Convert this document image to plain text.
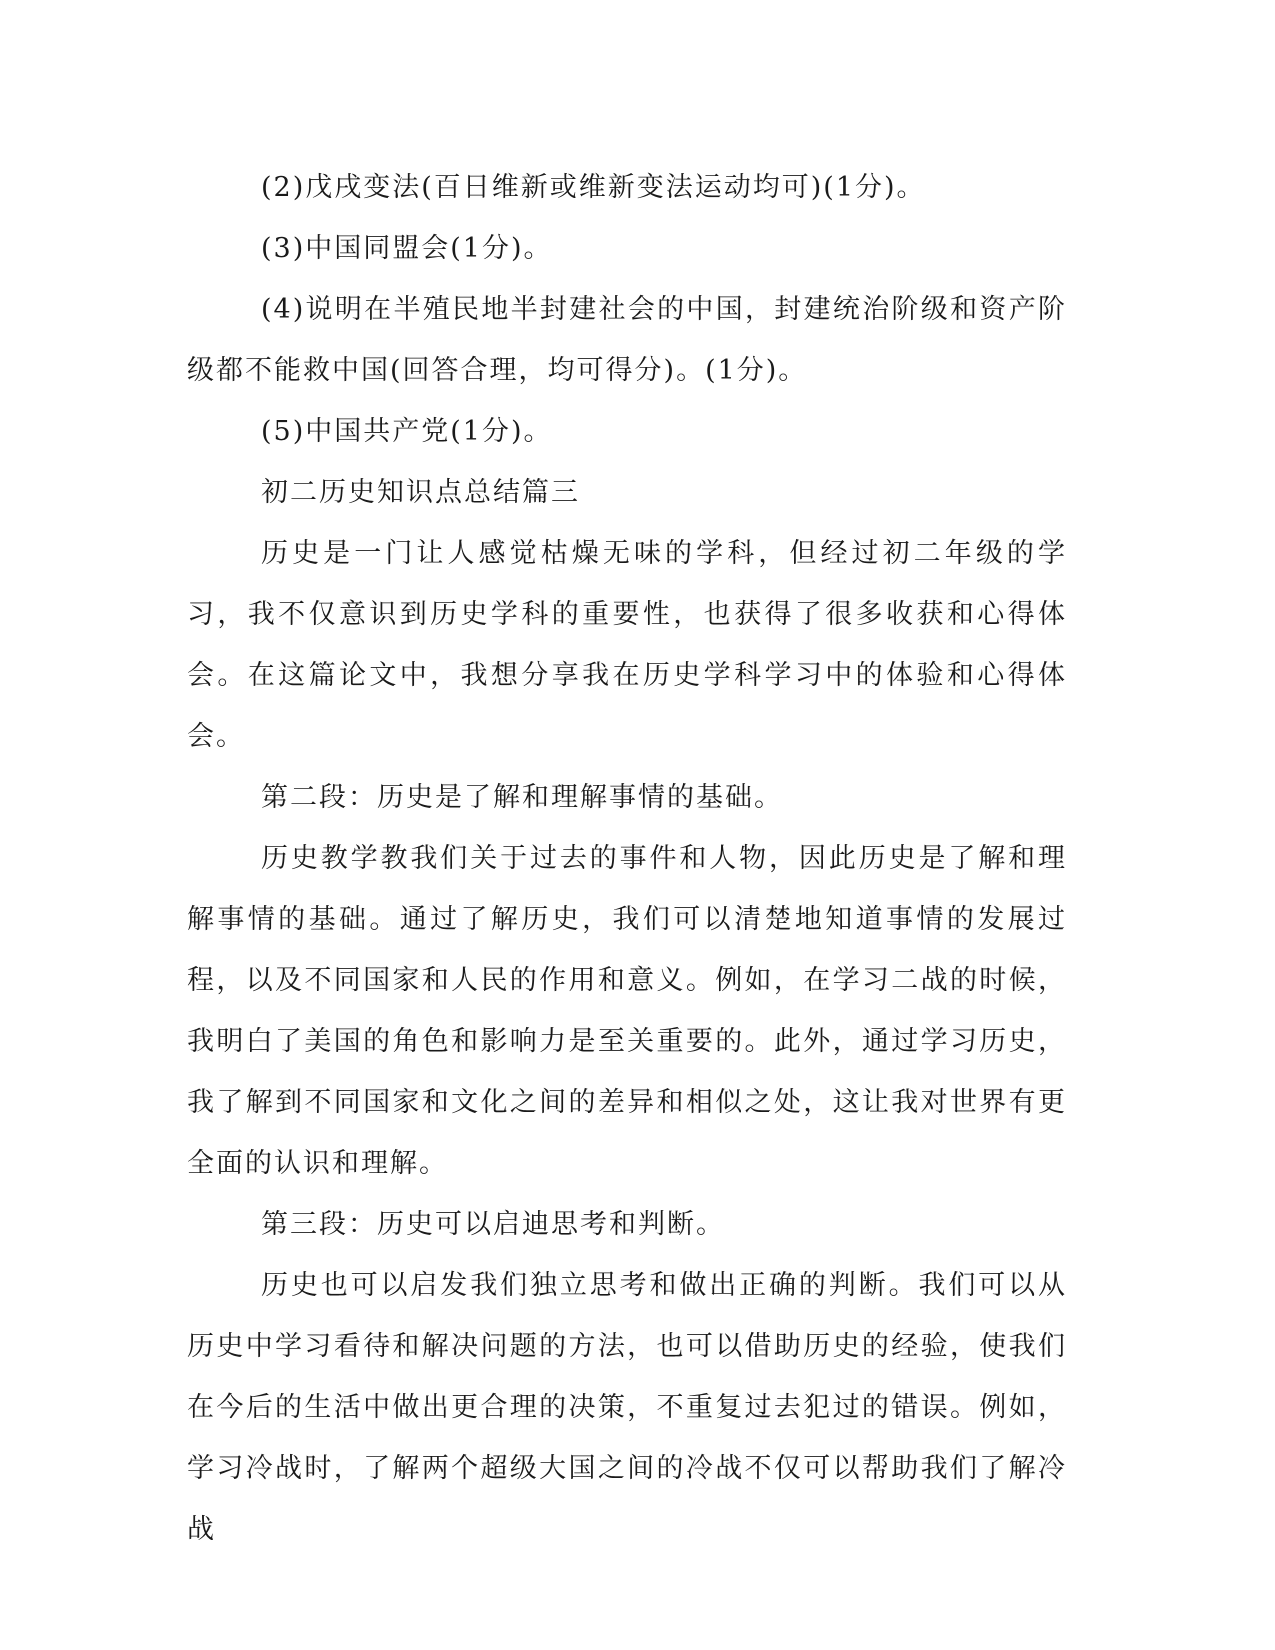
(2)戊戌变法(百日维新或维新变法运动均可)(1分)。

(3)中国同盟会(1分)。

(4)说明在半殖民地半封建社会的中国，封建统治阶级和资产阶级都不能救中国(回答合理，均可得分)。(1分)。

(5)中国共产党(1分)。

初二历史知识点总结篇三

历史是一门让人感觉枯燥无味的学科，但经过初二年级的学习，我不仅意识到历史学科的重要性，也获得了很多收获和心得体会。在这篇论文中，我想分享我在历史学科学习中的体验和心得体会。

第二段：历史是了解和理解事情的基础。

历史教学教我们关于过去的事件和人物，因此历史是了解和理解事情的基础。通过了解历史，我们可以清楚地知道事情的发展过程，以及不同国家和人民的作用和意义。例如，在学习二战的时候，我明白了美国的角色和影响力是至关重要的。此外，通过学习历史，我了解到不同国家和文化之间的差异和相似之处，这让我对世界有更全面的认识和理解。

第三段：历史可以启迪思考和判断。

历史也可以启发我们独立思考和做出正确的判断。我们可以从历史中学习看待和解决问题的方法，也可以借助历史的经验，使我们在今后的生活中做出更合理的决策，不重复过去犯过的错误。例如，学习冷战时，了解两个超级大国之间的冷战不仅可以帮助我们了解冷战
